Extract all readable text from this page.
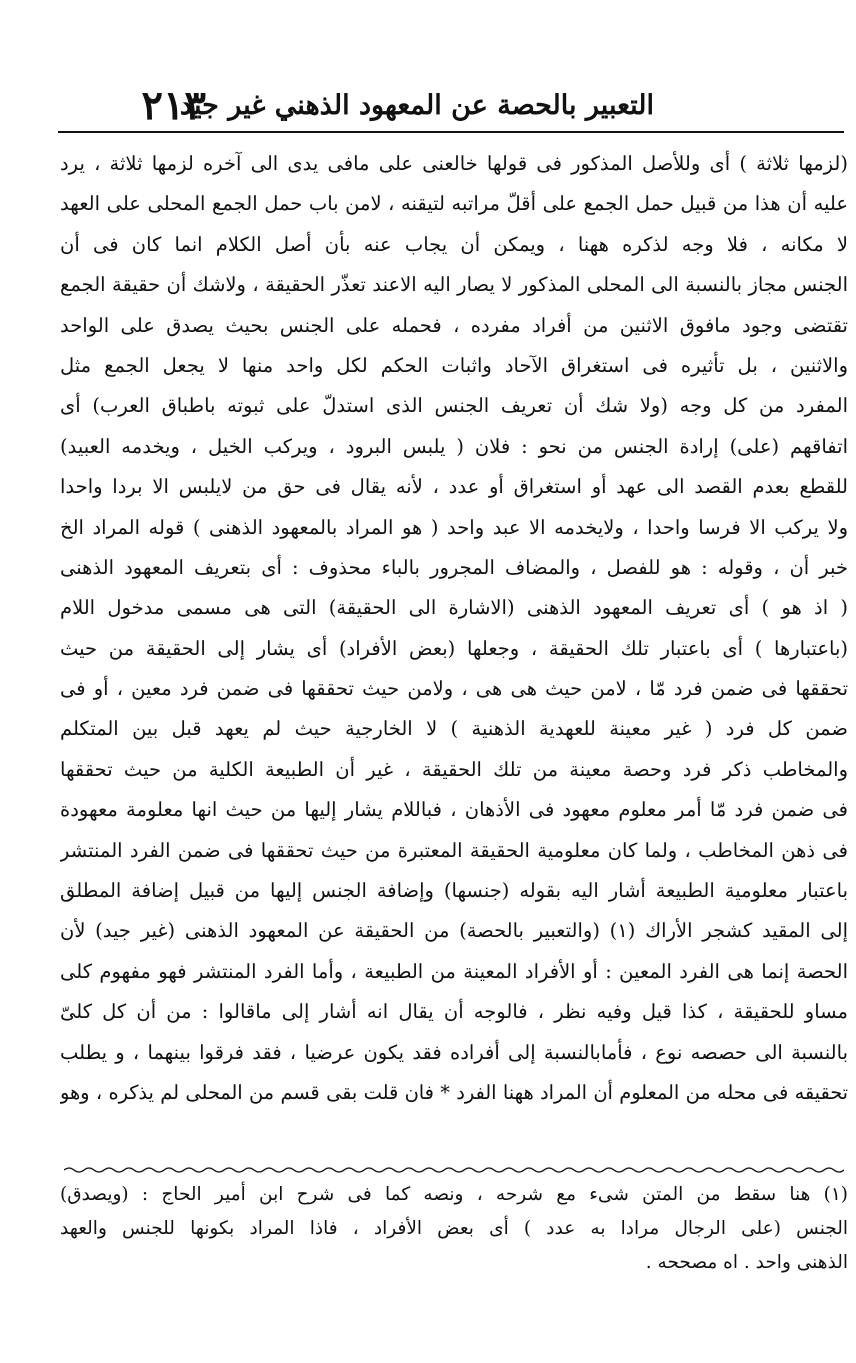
التعبير بالحصة عن المعهود الذهني غير جيد
٢١٣
(لزمها ثلاثة ) أى وللأصل المذكور فى قولها خالعنى على مافى يدى الى آخره لزمها ثلاثة ، يرد
عليه أن هذا من قبيل حمل الجمع على أقلّ مراتبه لتيقنه ، لامن باب حمل الجمع المحلى على العهد
لا مكانه ، فلا وجه لذكره ههنا ، ويمكن أن يجاب عنه بأن أصل الكلام انما كان فى أن
الجنس مجاز بالنسبة الى المحلى المذكور لا يصار اليه الاعند تعذّر الحقيقة ، ولاشك أن حقيقة الجمع
تقتضى وجود مافوق الاثنين من أفراد مفرده ، فحمله على الجنس بحيث يصدق على الواحد
والاثنين ، بل تأثيره فى استغراق الآحاد واثبات الحكم لكل واحد منها لا يجعل الجمع مثل
المفرد من كل وجه (ولا شك أن تعريف الجنس الذى استدلّ على ثبوته باطباق العرب) أى
اتفاقهم (على) إرادة الجنس من نحو : فلان ( يلبس البرود ، ويركب الخيل ، ويخدمه العبيد)
للقطع بعدم القصد الى عهد أو استغراق أو عدد ، لأنه يقال فى حق من لايلبس الا بردا واحدا
ولا يركب الا فرسا واحدا ، ولايخدمه الا عبد واحد ( هو المراد بالمعهود الذهنى ) قوله المراد الخ
خبر أن ، وقوله : هو للفصل ، والمضاف المجرور بالباء محذوف : أى بتعريف المعهود الذهنى
( اذ هو ) أى تعريف المعهود الذهنى (الاشارة الى الحقيقة) التى هى مسمى مدخول اللام
(باعتبارها ) أى باعتبار تلك الحقيقة ، وجعلها (بعض الأفراد) أى يشار إلى الحقيقة من حيث
تحققها فى ضمن فرد مّا ، لامن حيث هى هى ، ولامن حيث تحققها فى ضمن فرد معين ، أو فى
ضمن كل فرد ( غير معينة للعهدية الذهنية ) لا الخارجية حيث لم يعهد قبل بين المتكلم
والمخاطب ذكر فرد وحصة معينة من تلك الحقيقة ، غير أن الطبيعة الكلية من حيث تحققها
فى ضمن فرد مّا أمر معلوم معهود فى الأذهان ، فباللام يشار إليها من حيث انها معلومة معهودة
فى ذهن المخاطب ، ولما كان معلومية الحقيقة المعتبرة من حيث تحققها فى ضمن الفرد المنتشر
باعتبار معلومية الطبيعة أشار اليه بقوله (جنسها) وإضافة الجنس إليها من قبيل إضافة المطلق
إلى المقيد كشجر الأراك (١) (والتعبير بالحصة) من الحقيقة عن المعهود الذهنى (غير جيد) لأن
الحصة إنما هى الفرد المعين : أو الأفراد المعينة من الطبيعة ، وأما الفرد المنتشر فهو مفهوم كلى
مساو للحقيقة ، كذا قيل وفيه نظر ، فالوجه أن يقال انه أشار إلى ماقالوا : من أن كل كلىّ
بالنسبة الى حصصه نوع ، فأمابالنسبة إلى أفراده فقد يكون عرضيا ، فقد فرقوا بينهما ، و يطلب
تحقيقه فى محله من المعلوم أن المراد ههنا الفرد * فان قلت بقى قسم من المحلى لم يذكره ، وهو
(١) هنا سقط من المتن شىء مع شرحه ، ونصه كما فى شرح ابن أمير الحاج : (ويصدق)
الجنس (على الرجال مرادا به عدد ) أى بعض الأفراد ، فاذا المراد بكونها للجنس والعهد
الذهنى واحد . اه مصححه .
